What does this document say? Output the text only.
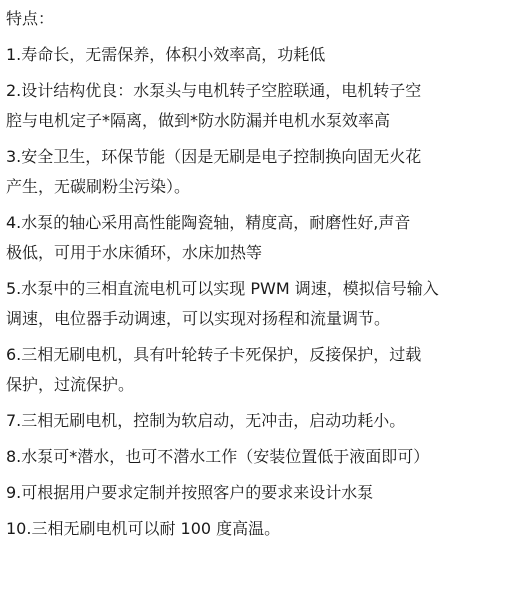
特点：
1.寿命长，无需保养，体积小效率高，功耗低
2.设计结构优良：水泵头与电机转子空腔联通，电机转子空
腔与电机定子*隔离，做到*防水防漏并电机水泵效率高
3.安全卫生，环保节能（因是无刷是电子控制换向固无火花
产生，无碳刷粉尘污染）。
4.水泵的轴心采用高性能陶瓷轴，精度高，耐磨性好,声音
极低，可用于水床循环，水床加热等
5.水泵中的三相直流电机可以实现 PWM 调速，模拟信号输入
调速，电位器手动调速，可以实现对扬程和流量调节。
6.三相无刷电机，具有叶轮转子卡死保护，反接保护，过载
保护，过流保护。
7.三相无刷电机，控制为软启动，无冲击，启动功耗小。
8.水泵可*潜水，也可不潜水工作（安装位置低于液面即可）
9.可根据用户要求定制并按照客户的要求来设计水泵
10.三相无刷电机可以耐 100 度高温。
